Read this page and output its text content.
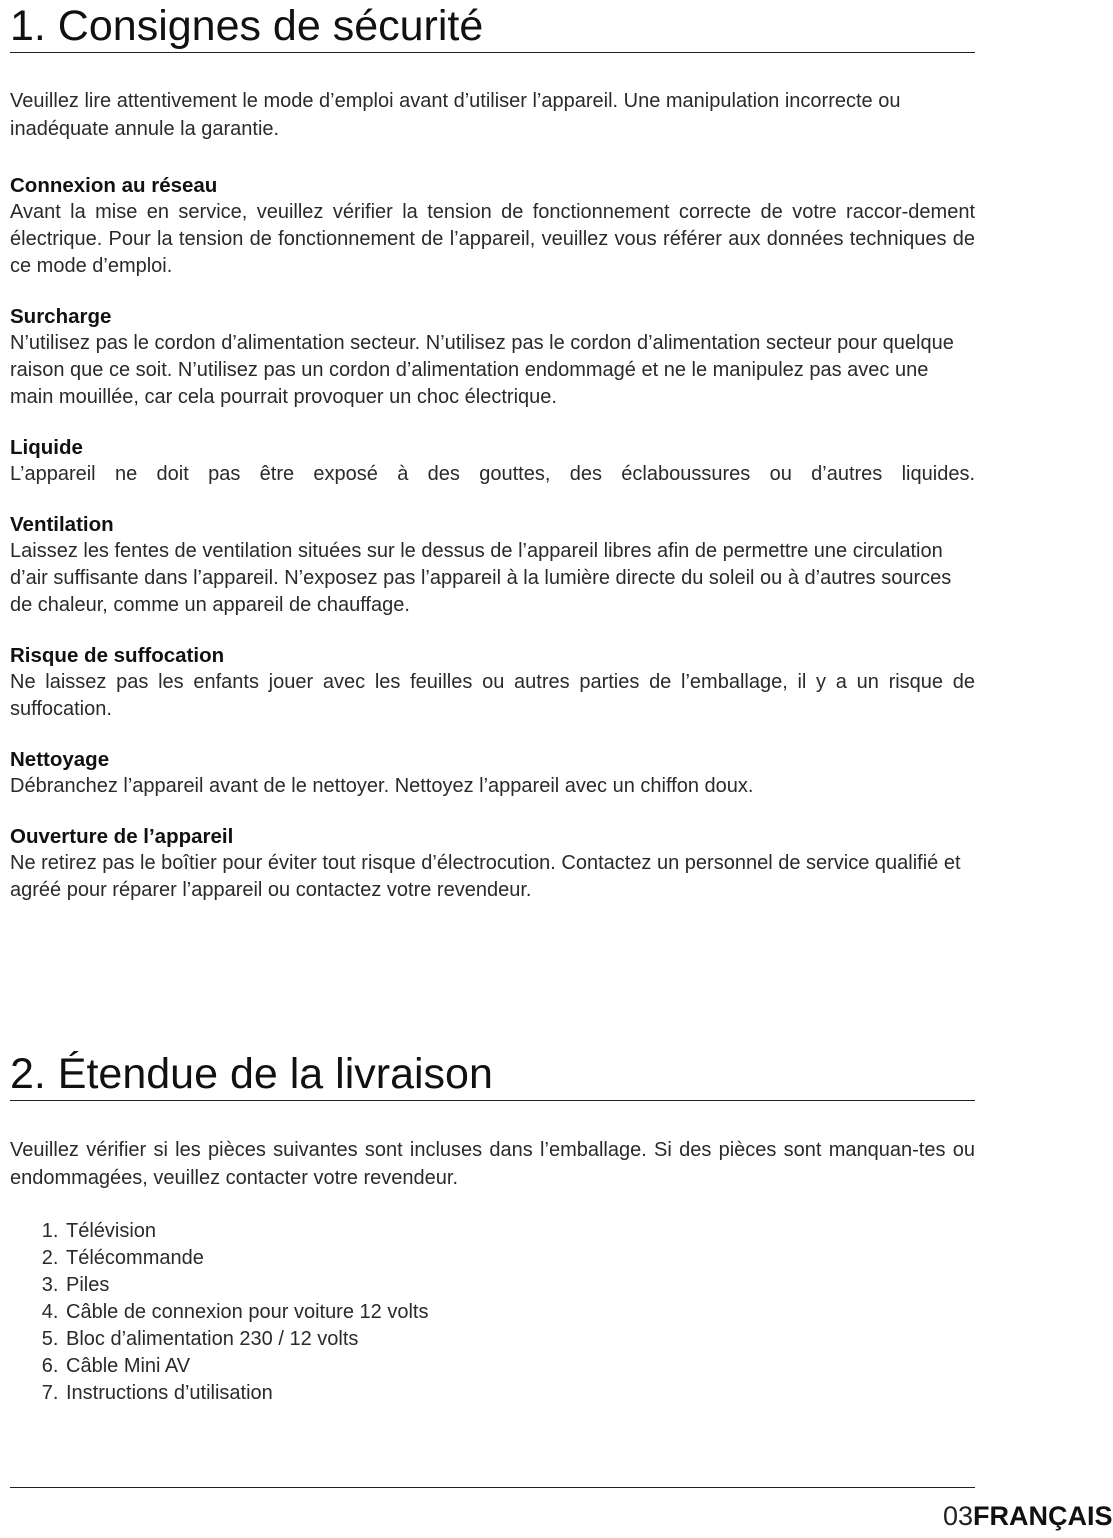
1. Consignes de sécurité

Veuillez lire attentivement le mode d’emploi avant d’utiliser l’appareil. Une manipulation incorrecte ou inadéquate annule la garantie.

Connexion au réseau

Avant la mise en service, veuillez vérifier la tension de fonctionnement correcte de votre raccor-dement électrique. Pour la tension de fonctionnement de l’appareil, veuillez vous référer aux données techniques de ce mode d’emploi.

Surcharge

N’utilisez pas le cordon d’alimentation secteur. N’utilisez pas le cordon d’alimentation secteur pour quelque raison que ce soit. N’utilisez pas un cordon d’alimentation endommagé et ne le manipulez pas avec une main mouillée, car cela pourrait provoquer un choc électrique.

Liquide

L’appareil ne doit pas être exposé à des gouttes, des éclaboussures ou d’autres liquides.

Ventilation

Laissez les fentes de ventilation situées sur le dessus de l’appareil libres afin de permettre une circulation d’air suffisante dans l’appareil. N’exposez pas l’appareil à la lumière directe du soleil ou à d’autres sources de chaleur, comme un appareil de chauffage.

Risque de suffocation

Ne laissez pas les enfants jouer avec les feuilles ou autres parties de l’emballage, il y a un risque de suffocation.

Nettoyage

Débranchez l’appareil avant de le nettoyer. Nettoyez l’appareil avec un chiffon doux.

Ouverture de l’appareil

Ne retirez pas le boîtier pour éviter tout risque d’électrocution. Contactez un personnel de service qualifié et agréé pour réparer l’appareil ou contactez votre revendeur.

2. Étendue de la livraison

Veuillez vérifier si les pièces suivantes sont incluses dans l’emballage. Si des pièces sont manquan-tes ou endommagées, veuillez contacter votre revendeur.

1. Télévision
2. Télécommande
3. Piles
4. Câble de connexion pour voiture 12 volts
5. Bloc d’alimentation 230 / 12 volts
6. Câble Mini AV
7. Instructions d’utilisation
03FRANÇAIS
